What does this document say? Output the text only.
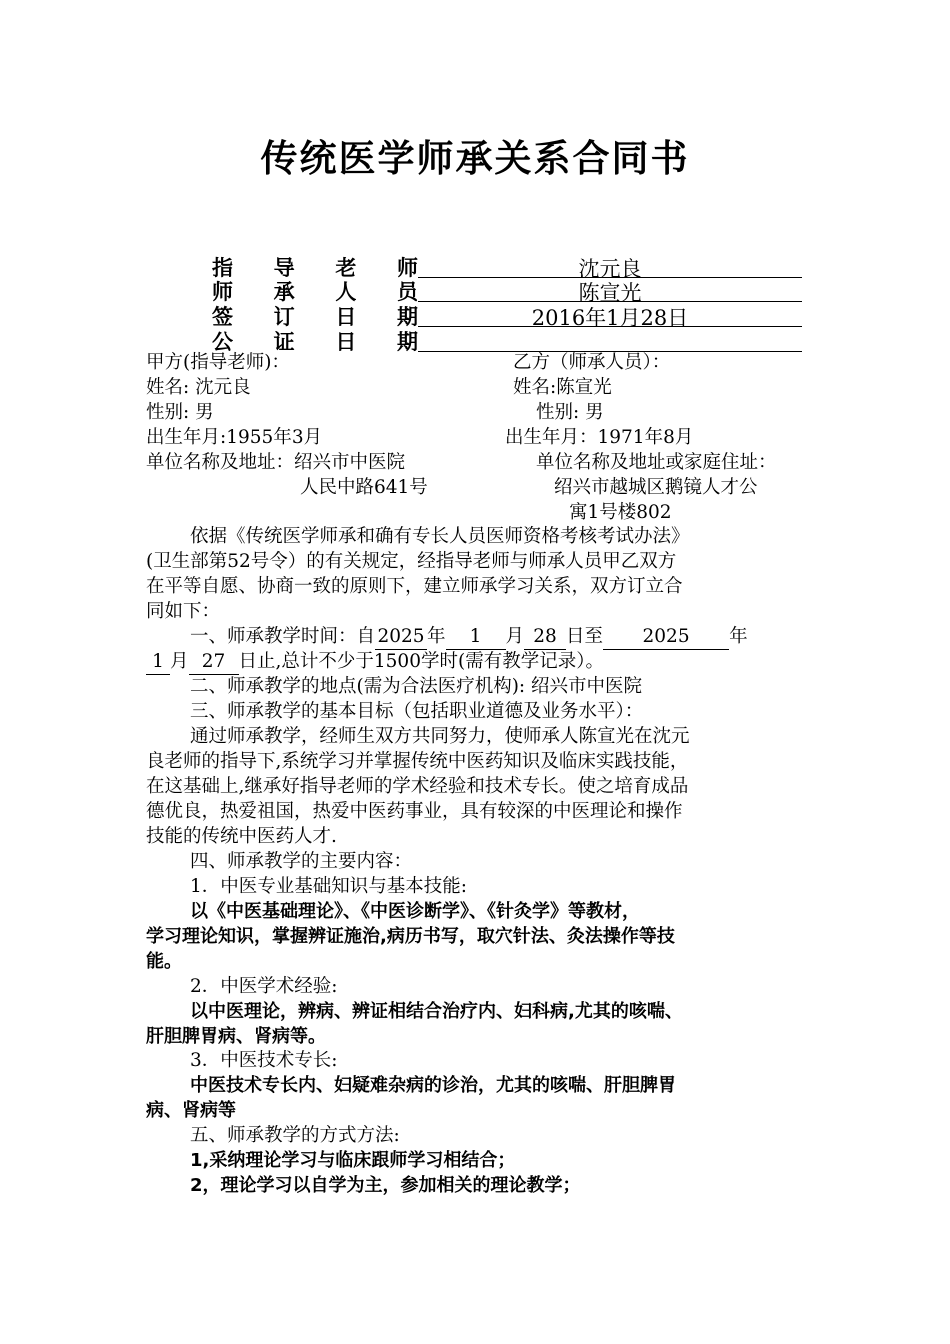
传统医学师承关系合同书
指 导 老 师	沈元良
师 承 人 员	陈宣光
签 订 日 期	2016年1月28日
公 证 日 期
甲方(指导老师)：
姓名: 沈元良
性别: 男
出生年月:1955年3月
单位名称及地址：绍兴市中医院
人民中路641号
乙方（师承人员）：
姓名:陈宣光
性别: 男
出生年月：1971年8月
单位名称及地址或家庭住址：
绍兴市越城区鹅镜人才公
寓1号楼802
依据《传统医学师承和确有专长人员医师资格考核考试办法》
(卫生部第52号令）的有关规定，经指导老师与师承人员甲乙双方
在平等自愿、协商一致的原则下，建立师承学习关系，双方订立合
同如下：
一、师承教学时间：自 2025 年 1 月 28 日至 2025 年
1 月 27 日止,总计不少于1500学时(需有教学记录）。
二、师承教学的地点(需为合法医疗机构): 绍兴市中医院
三、师承教学的基本目标（包括职业道德及业务水平）：
通过师承教学，经师生双方共同努力，使师承人陈宣光在沈元
良老师的指导下,系统学习并掌握传统中医药知识及临床实践技能，
在这基础上,继承好指导老师的学术经验和技术专长。使之培育成品
德优良，热爱祖国，热爱中医药事业，具有较深的中医理论和操作
技能的传统中医药人才.
四、师承教学的主要内容：
1．中医专业基础知识与基本技能:
以《中医基础理论》、《中医诊断学》、《针灸学》等教材，
学习理论知识，掌握辨证施治,病历书写，取穴针法、灸法操作等技
能。
2．中医学术经验:
以中医理论，辨病、辨证相结合治疗内、妇科病,尤其的咳喘、
肝胆脾胃病、肾病等。
3．中医技术专长:
中医技术专长内、妇疑难杂病的诊治，尤其的咳喘、肝胆脾胃
病、肾病等
五、师承教学的方式方法:
1,采纳理论学习与临床跟师学习相结合；
2，理论学习以自学为主，参加相关的理论教学；
